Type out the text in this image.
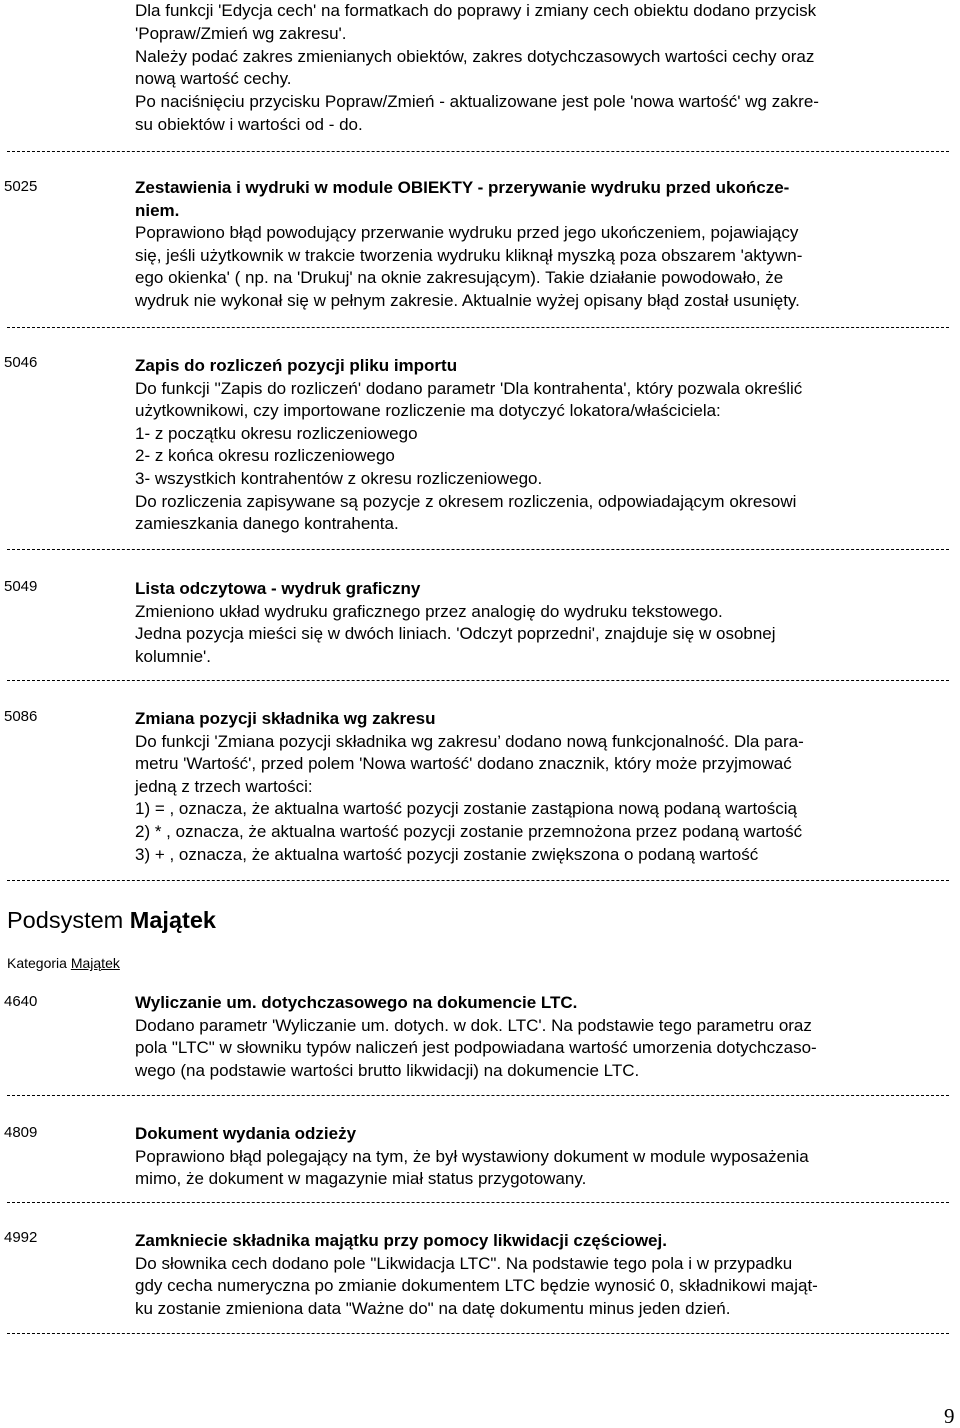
Dla funkcji 'Edycja cech' na formatkach do poprawy i zmiany cech obiektu dodano przycisk
'Popraw/Zmień wg zakresu'.
Należy podać zakres zmienianych obiektów, zakres dotychczasowych wartości cechy oraz
nową wartość cechy.
Po naciśnięciu przycisku Popraw/Zmień - aktualizowane jest pole 'nowa wartość' wg zakre-
su obiektów i wartości od - do.
5025	Zestawienia i wydruki w module OBIEKTY - przerywanie wydruku przed ukończe-
niem.
Poprawiono błąd powodujący przerwanie wydruku przed jego ukończeniem, pojawiający
się, jeśli użytkownik w trakcie tworzenia wydruku kliknął myszką poza obszarem 'aktywn-
ego okienka' ( np. na 'Drukuj' na oknie zakresującym). Takie działanie powodowało, że
wydruk nie wykonał się w pełnym zakresie. Aktualnie wyżej opisany błąd został usunięty.
5046	Zapis do rozliczeń pozycji pliku importu
Do funkcji ''Zapis do rozliczeń' dodano parametr 'Dla kontrahenta', który pozwala określić
użytkownikowi, czy importowane rozliczenie ma dotyczyć lokatora/właściciela:
1- z początku okresu rozliczeniowego
2- z końca okresu rozliczeniowego
3- wszystkich kontrahentów z okresu rozliczeniowego.
Do rozliczenia zapisywane są pozycje z okresem rozliczenia, odpowiadającym okresowi
zamieszkania danego kontrahenta.
5049	Lista odczytowa - wydruk graficzny
Zmieniono układ wydruku graficznego przez analogię do wydruku tekstowego.
Jedna pozycja mieści się w dwóch liniach. 'Odczyt poprzedni', znajduje się w osobnej
kolumnie'.
5086	Zmiana pozycji składnika wg zakresu
Do funkcji 'Zmiana pozycji składnika wg zakresu’ dodano nową funkcjonalność. Dla para-
metru 'Wartość', przed polem 'Nowa wartość' dodano znacznik, który może przyjmować
jedną z trzech wartości:
1) = , oznacza, że aktualna wartość pozycji zostanie zastąpiona nową podaną wartością
2) * , oznacza, że aktualna wartość pozycji zostanie przemnożona przez podaną wartość
3) + , oznacza, że aktualna wartość pozycji zostanie zwiększona o podaną wartość
Podsystem Majątek
Kategoria Majątek
4640	Wyliczanie um. dotychczasowego na dokumencie LTC.
Dodano parametr 'Wyliczanie um. dotych. w dok. LTC'. Na podstawie tego parametru oraz
pola "LTC" w słowniku typów naliczeń jest podpowiadana wartość umorzenia dotychczaso-
wego (na podstawie wartości brutto likwidacji) na dokumencie LTC.
4809	Dokument wydania odzieży
Poprawiono błąd polegający na tym, że był wystawiony dokument w module wyposażenia
mimo, że dokument w magazynie miał status przygotowany.
4992	Zamkniecie składnika majątku przy pomocy likwidacji częściowej.
Do słownika cech dodano pole "Likwidacja LTC". Na podstawie tego pola i w przypadku
gdy cecha numeryczna po zmianie dokumentem LTC będzie wynosić 0, składnikowi mająt-
ku zostanie zmieniona data "Ważne do" na datę dokumentu minus jeden dzień.
9
